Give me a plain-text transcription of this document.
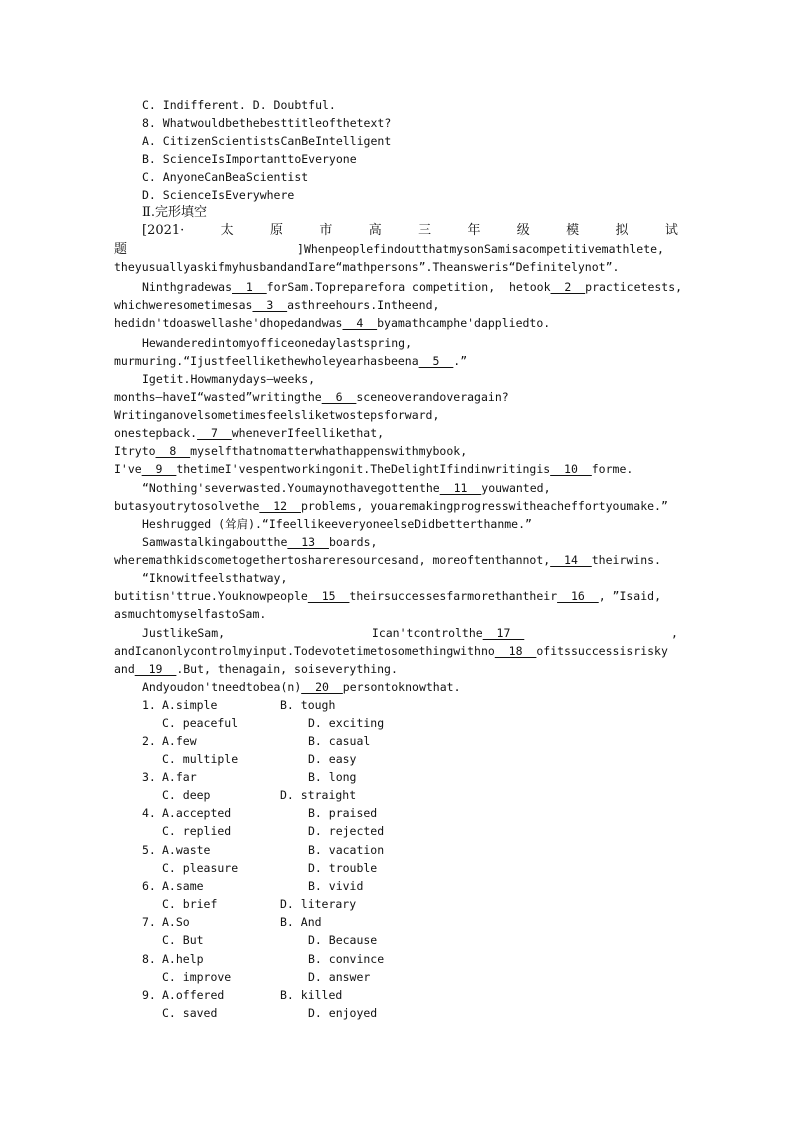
C. Indifferent. D. Doubtful.
8. Whatwouldbethebesttitleofthetext?
A. CitizenScientistsCanBeIntelligent
B. ScienceIsImportanttoEveryone
C. AnyoneCanBeaScientist
D. ScienceIsEverywhere
Ⅱ.完形填空
[2021·	太	原	市	高	三	年	级	模	拟	试
题	]WhenpeoplefindoutthatmysonSamisacompetitivemathlete,
theyusuallyaskifmyhusbandandIare“mathpersons”.Theansweris“Definitelynot”.
Ninthgradewas__1__forSam.Topreparefora competition,  hetook__2__practicetests,
whichweresometimesas__3__asthreehours.Intheend,
hedidn'tdoaswellashe'dhopedandwas__4__byamathcamphe'dappliedto.
Hewanderedintomyofficeonedaylastspring,
murmuring.“Ijustfeellikethewholeyearhasbeena__5__.”
Igetit.Howmanydays—weeks,
months—haveI“wasted”writingthe__6__sceneoverandoveragain?
Writinganovelsometimesfeelsliketwostepsforward,
onestepback.__7__wheneverIfeellikethat,
Itryto__8__myselfthatnomatterwhathappenswithmybook,
I've__9__thetimeI'vespentworkingonit.TheDelightIfindinwritingis__10__forme.
“Nothing'severwasted.Youmaynothavegottenthe__11__youwanted,
butasyoutrytosolvethe__12__problems, youaremakingprogresswitheacheffortyoumake.”
Heshrugged (耸肩).“IfeellikeeveryoneelseDidbetterthanme.”
Samwastalkingaboutthe__13__boards,
wheremathkidscometogethertoshareresourcesand, moreoftenthannot,__14__theirwins.
“Iknowitfeelsthatway,
butitisn'ttrue.Youknowpeople__15__theirsuccessesfarmorethantheir__16__, ”Isaid,
asmuchtomyselfastoSam.
JustlikeSam,	Ican'tcontrolthe__17__	,
andIcanonlycontrolmyinput.Todevotetimetosomethingwithno__18__ofitssuccessisrisky
and__19__.But, thenagain, soiseverything.
Andyoudon'tneedtobea(n)__20__persontoknowthat.
1. A.simple	B. tough
C. peaceful	D. exciting
2. A.few	B. casual
C. multiple	D. easy
3. A.far	B. long
C. deep	D. straight
4. A.accepted	B. praised
C. replied	D. rejected
5. A.waste	B. vacation
C. pleasure	D. trouble
6. A.same	B. vivid
C. brief	D. literary
7. A.So	B. And
C. But	D. Because
8. A.help	B. convince
C. improve	D. answer
9. A.offered	B. killed
C. saved	D. enjoyed
